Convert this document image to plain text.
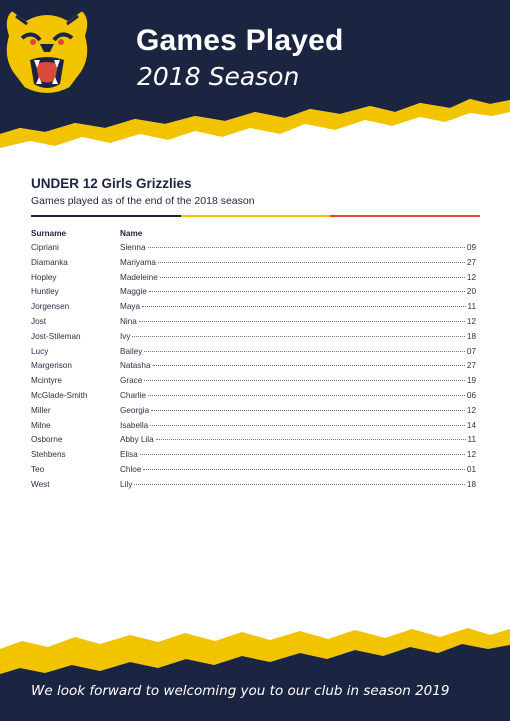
Games Played
2018 Season
UNDER 12 Girls Grizzlies
Games played as of the end of the 2018 season
Surname	Name
Cipriani	Sienna	09
Diamanka	Mariyama	27
Hopley	Madeleine	12
Huntley	Maggie	20
Jorgensen	Maya	11
Jost	Nina	12
Jost-Stileman	Ivy	18
Lucy	Bailey	07
Margerison	Natasha	27
Mcintyre	Grace	19
McGlade-Smith	Charlie	06
Miller	Georgia	12
Milne	Isabella	14
Osborne	Abby Lila	11
Stehbens	Elisa	12
Teo	Chloe	01
West	Lily	18
We look forward to welcoming you to our club in season 2019
